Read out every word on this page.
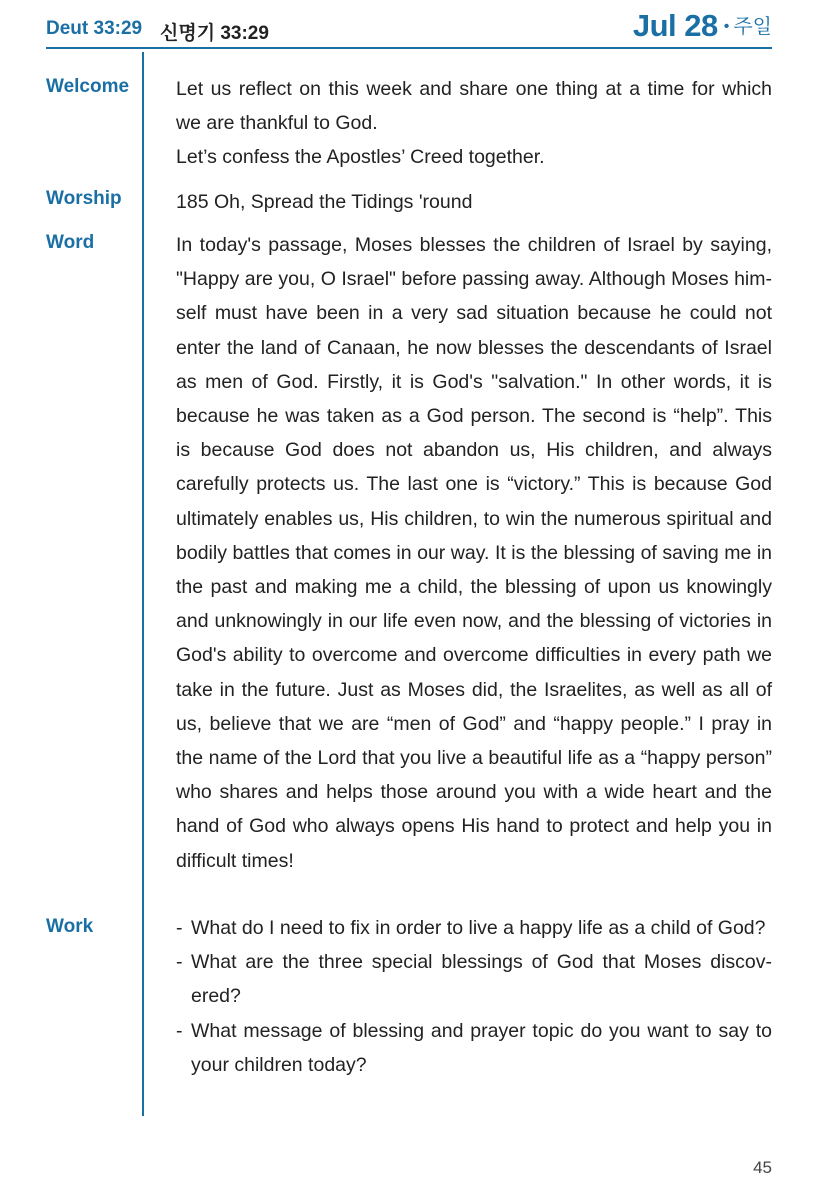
Deut 33:29 신명기 33:29	Jul 28 • 주일
Welcome Let us reflect on this week and share one thing at a time for which we are thankful to God.

Let’s confess the Apostles’ Creed together.

Worship	185 Oh, Spread the Tidings 'round

Word	In today's passage, Moses blesses the children of Israel by saying, "Happy are you, O Israel" before passing away. Although Moses himself must have been in a very sad situation because he could not enter the land of Canaan, he now blesses the descendants of Israel as men of God. Firstly, it is God's "salvation." In other words, it is because he was taken as a God person. The second is “help”. This is because God does not abandon us, His children, and always carefully protects us. The last one is “victory.” This is because God ultimately enables us, His children, to win the numerous spiritual and bodily battles that comes in our way. It is the blessing of saving me in the past and making me a child, the blessing of upon us knowingly and unknowingly in our life even now, and the blessing of victories in God's ability to overcome and overcome difficulties in every path we take in the future. Just as Moses did, the Israelites, as well as all of us, believe that we are “men of God” and “happy people.” I pray in the name of the Lord that you live a beautiful life as a “happy person” who shares and helps those around you with a wide heart and the hand of God who always opens His hand to protect and help you in difficult times!

Work	- What do I need to fix in order to live a happy life as a child of God?
- What are the three special blessings of God that Moses discovered?
- What message of blessing and prayer topic do you want to say to your children today?
45
